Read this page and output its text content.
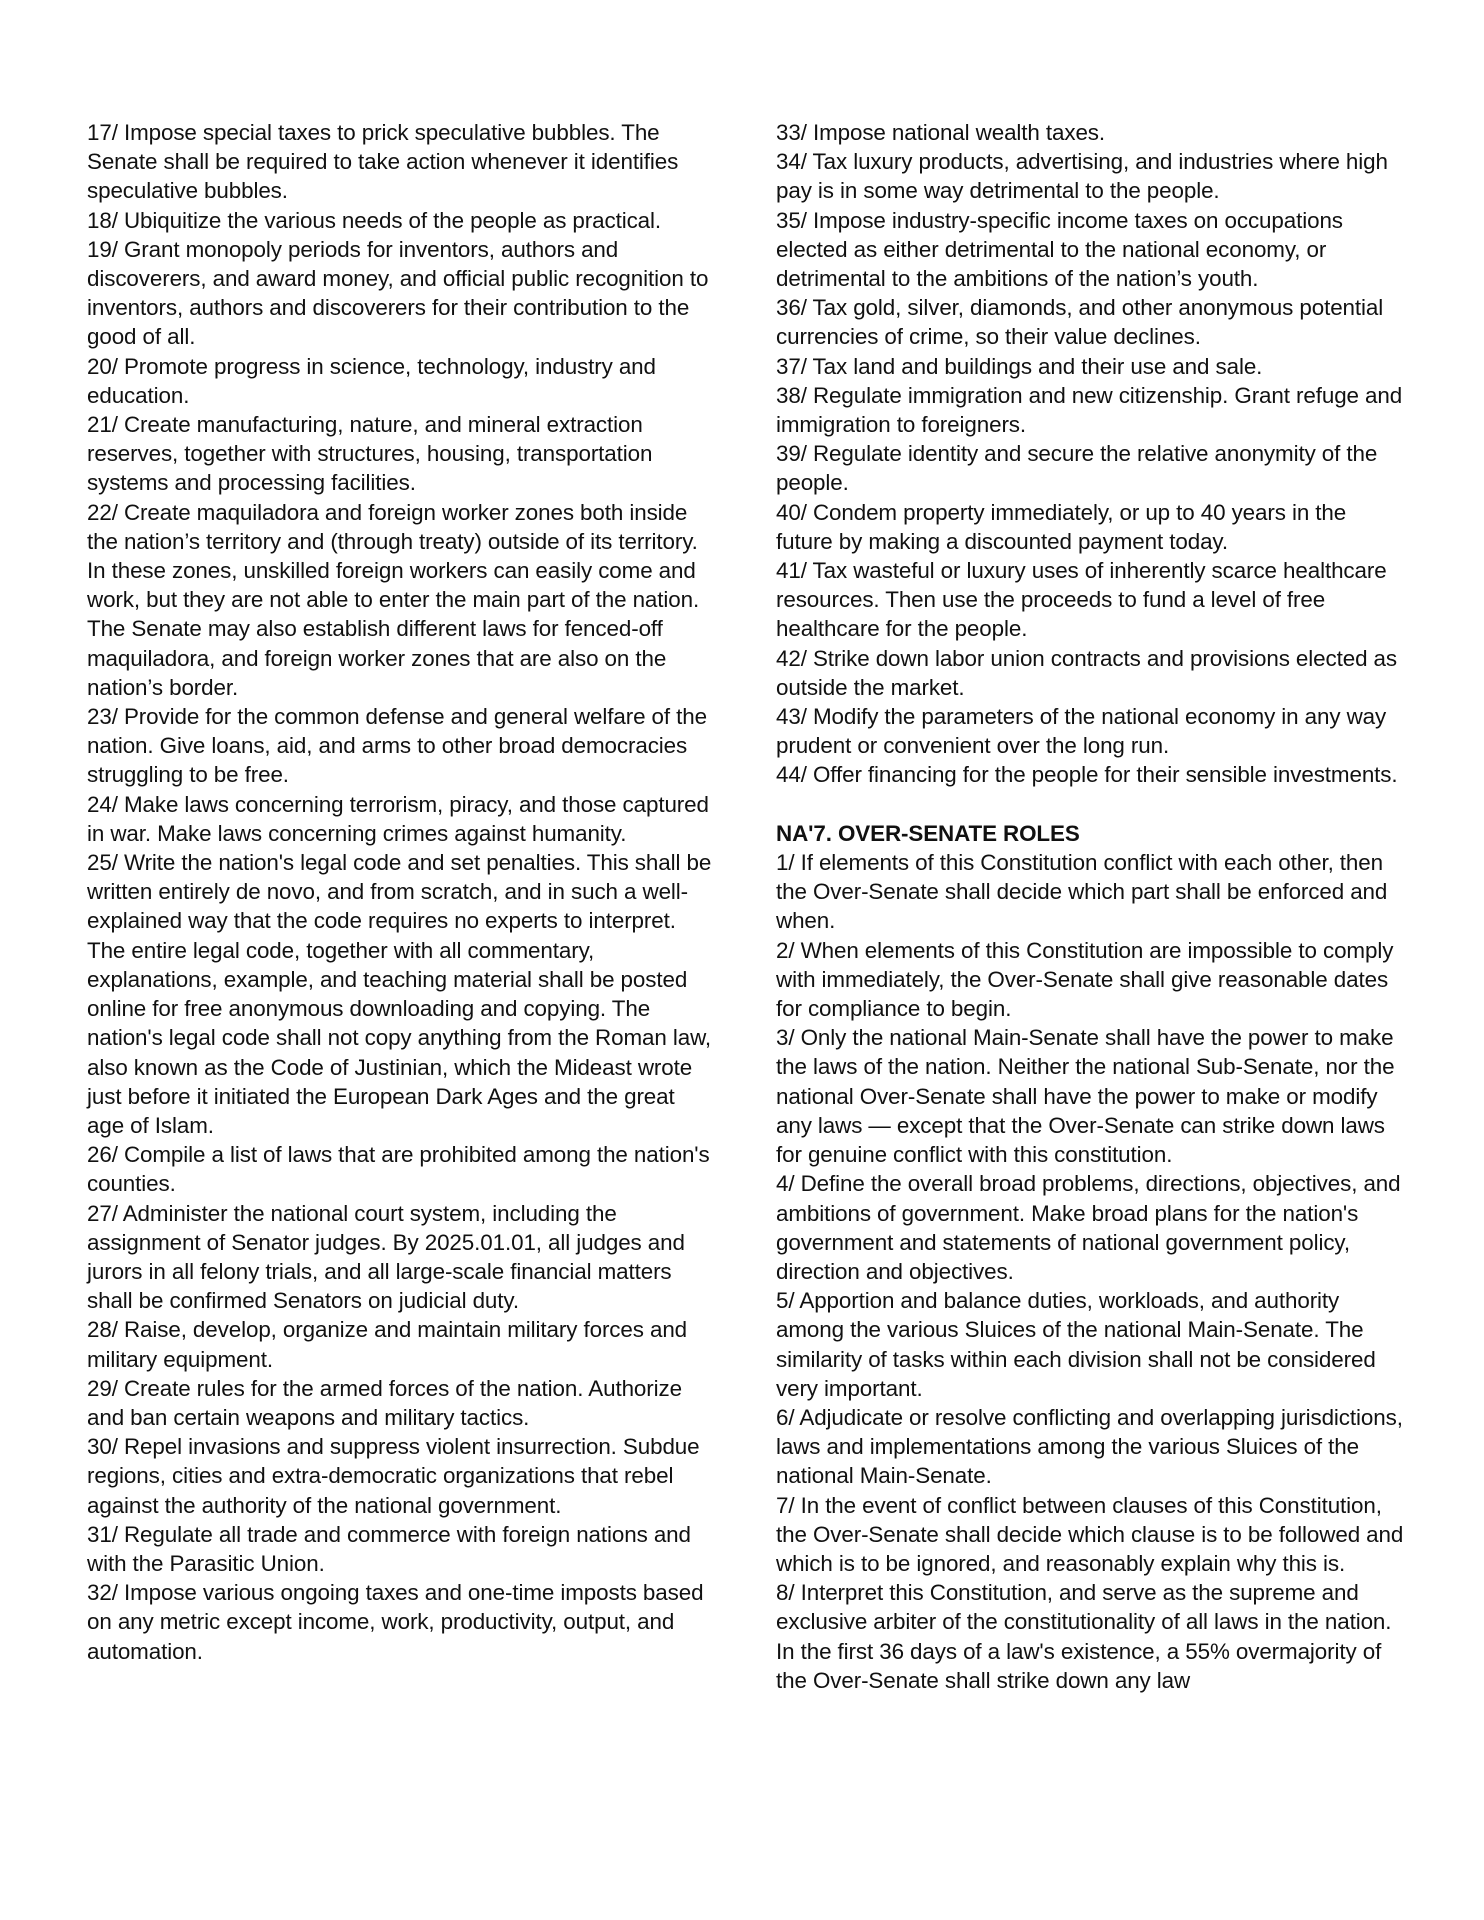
17/ Impose special taxes to prick speculative bubbles. The Senate shall be required to take action whenever it identifies speculative bubbles.

18/ Ubiquitize the various needs of the people as practical.

19/ Grant monopoly periods for inventors, authors and discoverers, and award money, and official public recognition to inventors, authors and discoverers for their contribution to the good of all.

20/ Promote progress in science, technology, industry and education.

21/ Create manufacturing, nature, and mineral extraction reserves, together with structures, housing, transportation systems and processing facilities.

22/ Create maquiladora and foreign worker zones both inside the nation’s territory and (through treaty) outside of its territory. In these zones, unskilled foreign workers can easily come and work, but they are not able to enter the main part of the nation. The Senate may also establish different laws for fenced-off maquiladora, and foreign worker zones that are also on the nation’s border.

23/ Provide for the common defense and general welfare of the nation. Give loans, aid, and arms to other broad democracies struggling to be free.

24/ Make laws concerning terrorism, piracy, and those captured in war. Make laws concerning crimes against humanity.

25/ Write the nation's legal code and set penalties. This shall be written entirely de novo, and from scratch, and in such a well-explained way that the code requires no experts to interpret. The entire legal code, together with all commentary, explanations, example, and teaching material shall be posted online for free anonymous downloading and copying. The nation's legal code shall not copy anything from the Roman law, also known as the Code of Justinian, which the Mideast wrote just before it initiated the European Dark Ages and the great age of Islam.

26/ Compile a list of laws that are prohibited among the nation's counties.

27/ Administer the national court system, including the assignment of Senator judges. By 2025.01.01, all judges and jurors in all felony trials, and all large-scale financial matters shall be confirmed Senators on judicial duty.

28/ Raise, develop, organize and maintain military forces and military equipment.

29/ Create rules for the armed forces of the nation. Authorize and ban certain weapons and military tactics.

30/ Repel invasions and suppress violent insurrection. Subdue regions, cities and extra-democratic organizations that rebel against the authority of the national government.

31/ Regulate all trade and commerce with foreign nations and with the Parasitic Union.

32/ Impose various ongoing taxes and one-time imposts based on any metric except income, work, productivity, output, and automation.

33/ Impose national wealth taxes.

34/ Tax luxury products, advertising, and industries where high pay is in some way detrimental to the people.

35/ Impose industry-specific income taxes on occupations elected as either detrimental to the national economy, or detrimental to the ambitions of the nation’s youth.

36/ Tax gold, silver, diamonds, and other anonymous potential currencies of crime, so their value declines.

37/ Tax land and buildings and their use and sale.

38/ Regulate immigration and new citizenship. Grant refuge and immigration to foreigners.

39/ Regulate identity and secure the relative anonymity of the people.

40/ Condem property immediately, or up to 40 years in the future by making a discounted payment today.

41/ Tax wasteful or luxury uses of inherently scarce healthcare resources. Then use the proceeds to fund a level of free healthcare for the people.

42/ Strike down labor union contracts and provisions elected as outside the market.

43/ Modify the parameters of the national economy in any way prudent or convenient over the long run.

44/ Offer financing for the people for their sensible investments.

NA'7. OVER-SENATE ROLES

1/ If elements of this Constitution conflict with each other, then the Over-Senate shall decide which part shall be enforced and when.

2/ When elements of this Constitution are impossible to comply with immediately, the Over-Senate shall give reasonable dates for compliance to begin.

3/ Only the national Main-Senate shall have the power to make the laws of the nation. Neither the national Sub-Senate, nor the national Over-Senate shall have the power to make or modify any laws — except that the Over-Senate can strike down laws for genuine conflict with this constitution.

4/ Define the overall broad problems, directions, objectives, and ambitions of government. Make broad plans for the nation's government and statements of national government policy, direction and objectives.

5/ Apportion and balance duties, workloads, and authority among the various Sluices of the national Main-Senate. The similarity of tasks within each division shall not be considered very important.

6/ Adjudicate or resolve conflicting and overlapping jurisdictions, laws and implementations among the various Sluices of the national Main-Senate.

7/ In the event of conflict between clauses of this Constitution, the Over-Senate shall decide which clause is to be followed and which is to be ignored, and reasonably explain why this is.

8/ Interpret this Constitution, and serve as the supreme and exclusive arbiter of the constitutionality of all laws in the nation. In the first 36 days of a law's existence, a 55% overmajority of the Over-Senate shall strike down any law
